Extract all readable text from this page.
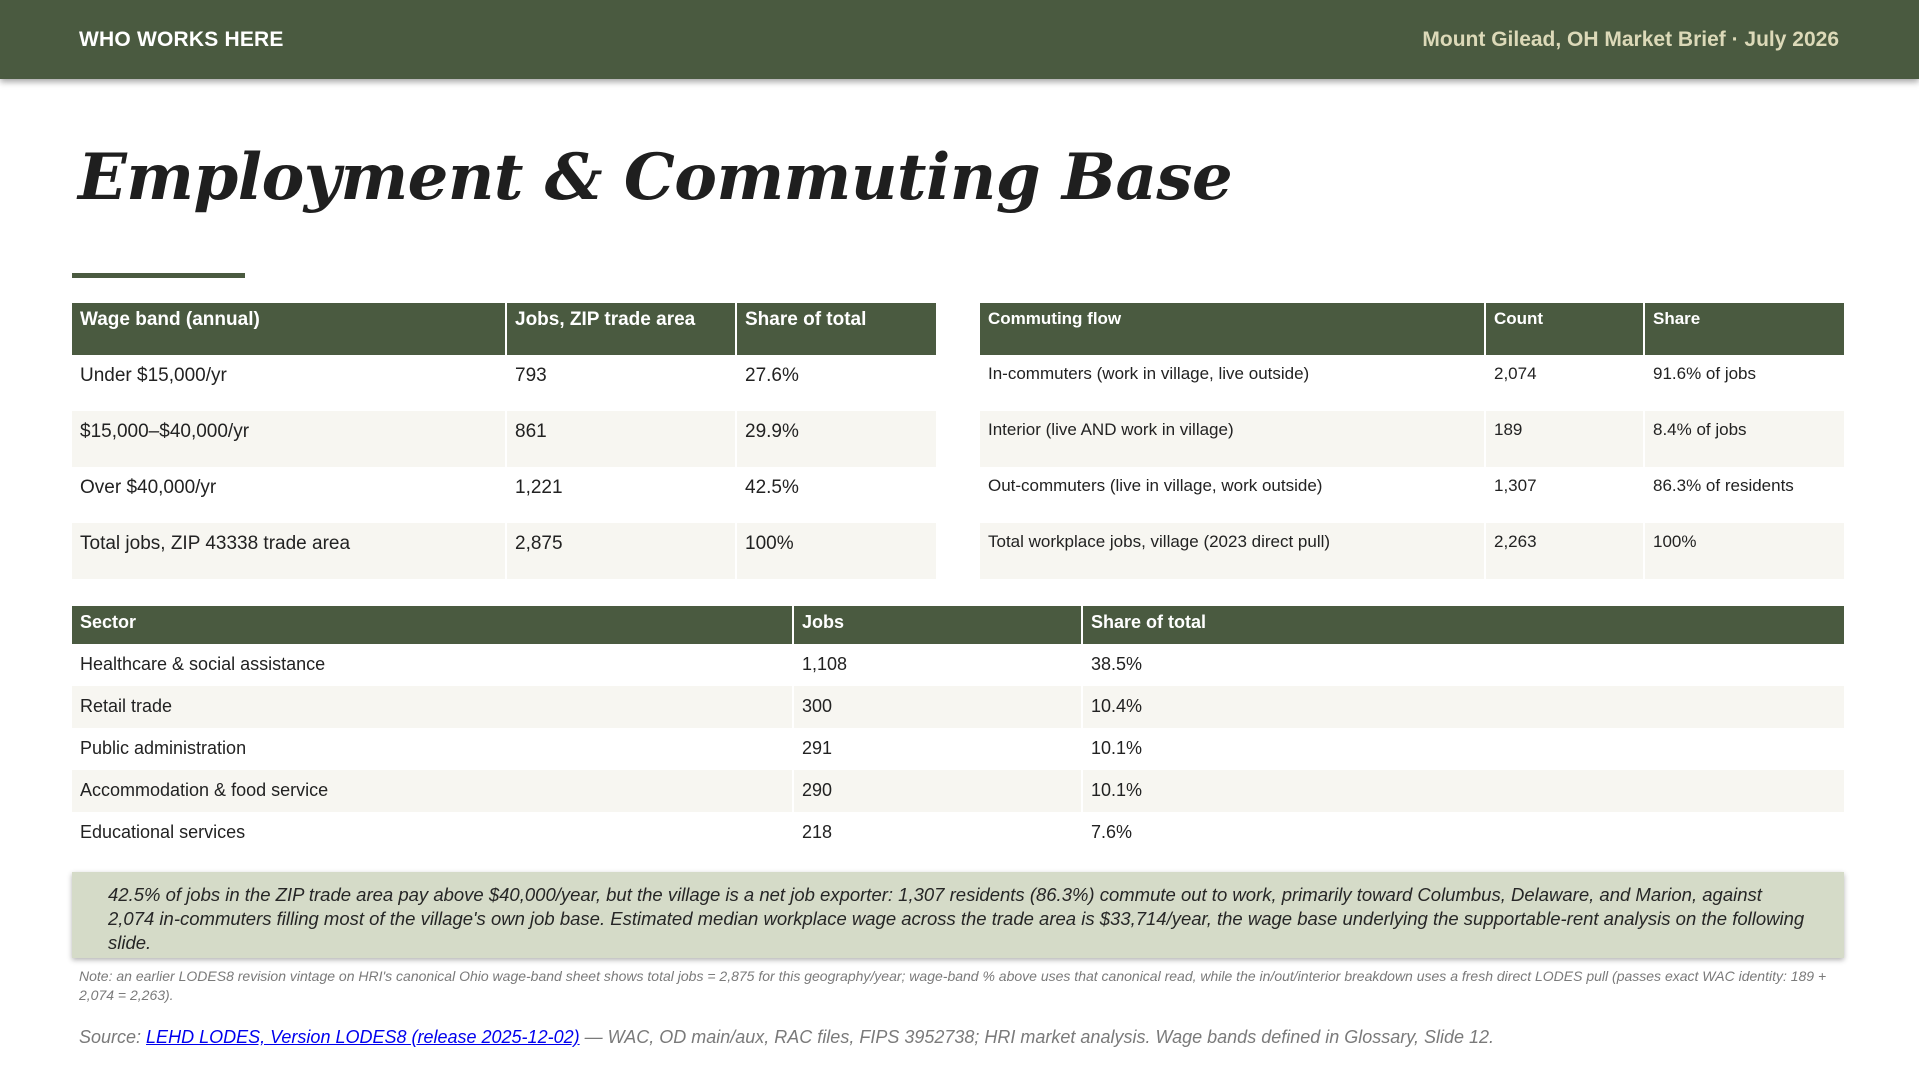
WHO WORKS HERE	Mount Gilead, OH Market Brief · July 2026
Employment & Commuting Base
Wage band (annual)	Jobs, ZIP trade area	Share of total
Under $15,000/yr	793	27.6%
$15,000–$40,000/yr	861	29.9%
Over $40,000/yr	1,221	42.5%
Total jobs, ZIP 43338 trade area	2,875	100%
Commuting flow	Count	Share
In-commuters (work in village, live outside)	2,074	91.6% of jobs
Interior (live AND work in village)	189	8.4% of jobs
Out-commuters (live in village, work outside)	1,307	86.3% of residents
Total workplace jobs, village (2023 direct pull)	2,263	100%
Sector	Jobs	Share of total
Healthcare & social assistance	1,108	38.5%
Retail trade	300	10.4%
Public administration	291	10.1%
Accommodation & food service	290	10.1%
Educational services	218	7.6%
42.5% of jobs in the ZIP trade area pay above $40,000/year, but the village is a net job exporter: 1,307 residents (86.3%) commute out to work, primarily toward Columbus, Delaware, and Marion, against 2,074 in-commuters filling most of the village's own job base. Estimated median workplace wage across the trade area is $33,714/year, the wage base underlying the supportable-rent analysis on the following slide.

Note: an earlier LODES8 revision vintage on HRI's canonical Ohio wage-band sheet shows total jobs = 2,875 for this geography/year; wage-band % above uses that canonical read, while the in/out/interior breakdown uses a fresh direct LODES pull (passes exact WAC identity: 189 + 2,074 = 2,263).

Source: LEHD LODES, Version LODES8 (release 2025-12-02) — WAC, OD main/aux, RAC files, FIPS 3952738; HRI market analysis. Wage bands defined in Glossary, Slide 12.
